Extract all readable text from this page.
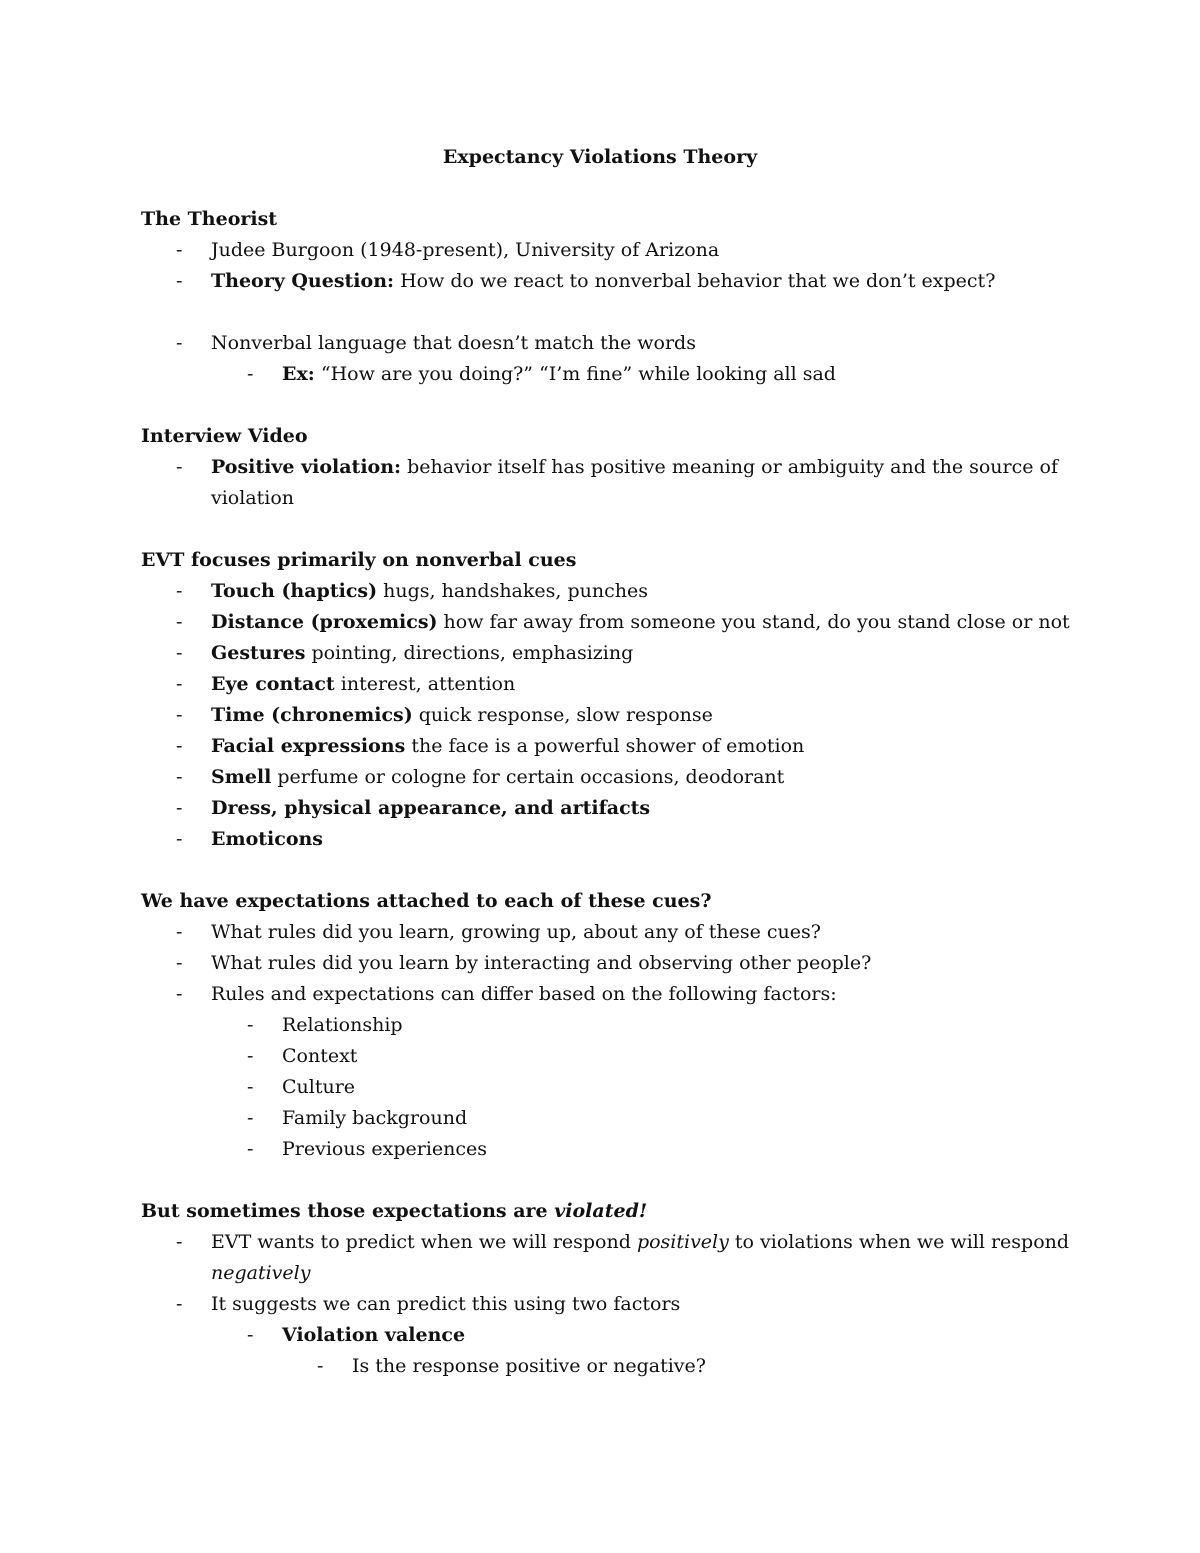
Expectancy Violations Theory
The Theorist
- Judee Burgoon (1948-present), University of Arizona
- Theory Question: How do we react to nonverbal behavior that we don’t expect?
- Nonverbal language that doesn’t match the words
- Ex: “How are you doing?” “I’m fine” while looking all sad
Interview Video
- Positive violation: behavior itself has positive meaning or ambiguity and the source of violation
EVT focuses primarily on nonverbal cues
- Touch (haptics) hugs, handshakes, punches
- Distance (proxemics) how far away from someone you stand, do you stand close or not
- Gestures pointing, directions, emphasizing
- Eye contact interest, attention
- Time (chronemics) quick response, slow response
- Facial expressions the face is a powerful shower of emotion
- Smell perfume or cologne for certain occasions, deodorant
- Dress, physical appearance, and artifacts
- Emoticons
We have expectations attached to each of these cues?
- What rules did you learn, growing up, about any of these cues?
- What rules did you learn by interacting and observing other people?
- Rules and expectations can differ based on the following factors:
- Relationship
- Context
- Culture
- Family background
- Previous experiences
But sometimes those expectations are violated!
- EVT wants to predict when we will respond positively to violations when we will respond negatively
- It suggests we can predict this using two factors
- Violation valence
- Is the response positive or negative?
